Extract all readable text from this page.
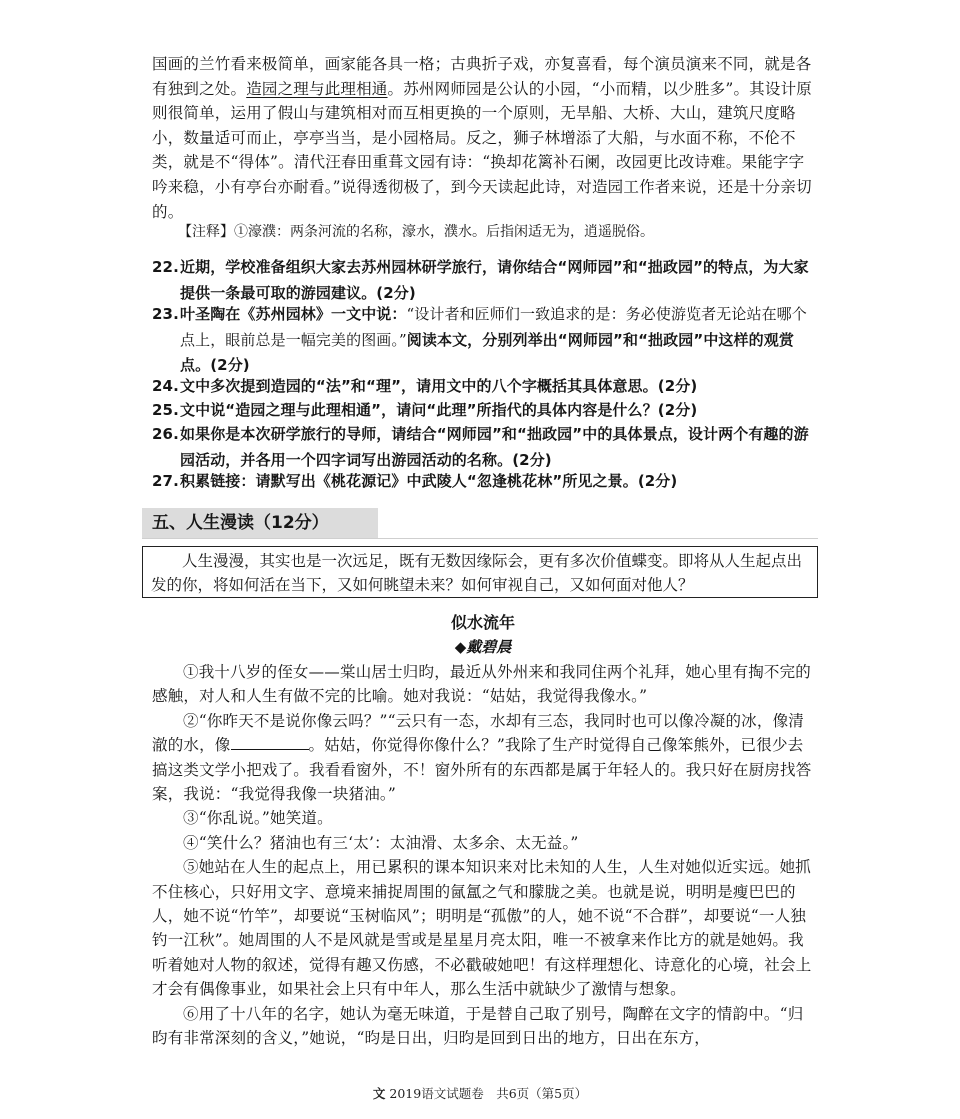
国画的兰竹看来极简单，画家能各具一格；古典折子戏，亦复喜看，每个演员演来不同，就是各有独到之处。造园之理与此理相通。苏州网师园是公认的小园，“小而精，以少胜多”。其设计原则很简单，运用了假山与建筑相对而互相更换的一个原则，无旱船、大桥、大山，建筑尺度略小，数量适可而止，亭亭当当，是小园格局。反之，狮子林增添了大船，与水面不称，不伦不类，就是不“得体”。清代汪春田重葺文园有诗：“换却花篱补石阑，改园更比改诗难。果能字字吟来稳，小有亭台亦耐看。”说得透彻极了，到今天读起此诗，对造园工作者来说，还是十分亲切的。

【注释】①濠濮：两条河流的名称，濠水，濮水。后指闲适无为，逍遥脱俗。

22. 近期，学校准备组织大家去苏州园林研学旅行，请你结合“网师园”和“拙政园”的特点，为大家提供一条最可取的游园建议。(2分)
23. 叶圣陶在《苏州园林》一文中说：“设计者和匠师们一致追求的是：务必使游览者无论站在哪个点上，眼前总是一幅完美的图画。”阅读本文，分别列举出“网师园”和“拙政园”中这样的观赏点。(2分)
24. 文中多次提到造园的“法”和“理”，请用文中的八个字概括其具体意思。(2分)
25. 文中说“造园之理与此理相通”，请问“此理”所指代的具体内容是什么？(2分)
26. 如果你是本次研学旅行的导师，请结合“网师园”和“拙政园”中的具体景点，设计两个有趣的游园活动，并各用一个四字词写出游园活动的名称。(2分)
27. 积累链接：请默写出《桃花源记》中武陵人“忽逢桃花林”所见之景。(2分)
五、人生漫读（12分）

人生漫漫，其实也是一次远足，既有无数因缘际会，更有多次价值蝶变。即将从人生起点出发的你，将如何活在当下，又如何眺望未来？如何审视自己，又如何面对他人？

似水流年

◆戴碧晨

①我十八岁的侄女——棠山居士归昀，最近从外州来和我同住两个礼拜，她心里有掏不完的感触，对人和人生有做不完的比喻。她对我说：“姑姑，我觉得我像水。”

②“你昨天不是说你像云吗？”“云只有一态，水却有三态，我同时也可以像冷凝的冰，像清澈的水，像	。姑姑，你觉得你像什么？”我除了生产时觉得自己像笨熊外，已很少去搞这类文学小把戏了。我看看窗外，不！窗外所有的东西都是属于年轻人的。我只好在厨房找答案，我说：“我觉得我像一块猪油。”

③“你乱说。”她笑道。

④“笑什么？猪油也有三‘太’：太油滑、太多余、太无益。”

⑤她站在人生的起点上，用已累积的课本知识来对比未知的人生，人生对她似近实远。她抓不住核心，只好用文字、意境来捕捉周围的氤氲之气和朦胧之美。也就是说，明明是瘦巴巴的人，她不说“竹竿”，却要说“玉树临风”；明明是“孤傲”的人，她不说“不合群”，却要说“一人独钓一江秋”。她周围的人不是风就是雪或是星星月亮太阳，唯一不被拿来作比方的就是她妈。我听着她对人物的叙述，觉得有趣又伤感，不必戳破她吧！有这样理想化、诗意化的心境，社会上才会有偶像事业，如果社会上只有中年人，那么生活中就缺少了激情与想象。

⑥用了十八年的名字，她认为毫无味道，于是替自己取了别号，陶醉在文字的情韵中。“归昀有非常深刻的含义，”她说，“昀是日出，归昀是回到日出的地方，日出在东方，

文 2019语文试题卷　共6页（第5页）
